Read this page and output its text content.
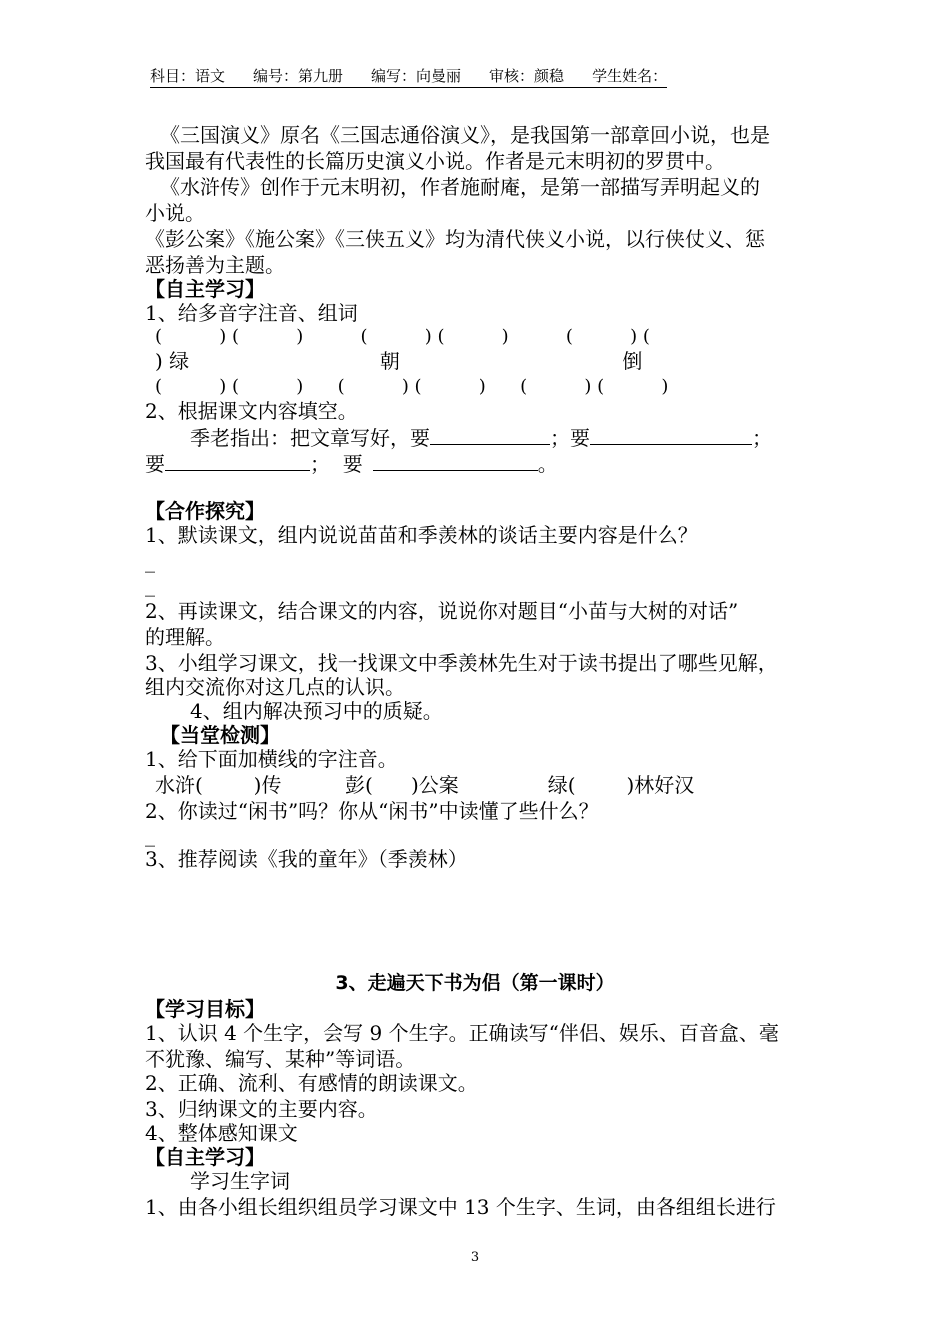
科目：语文 编号：第九册 编写：向曼丽 审核：颜稳 学生姓名：
《三国演义》原名《三国志通俗演义》，是我国第一部章回小说，也是
我国最有代表性的长篇历史演义小说。作者是元末明初的罗贯中。
《水浒传》创作于元末明初，作者施耐庵，是第一部描写弄明起义的
小说。
《彭公案》《施公案》《三侠五义》均为清代侠义小说，以行侠仗义、惩
恶扬善为主题。
【自主学习】
1、给多音字注音、组词
(          ) (          )          (          ) (          )          (          ) (
) 绿                              朝                                   倒
(          ) (          )      (          ) (          )      (          ) (          )
2、根据课文内容填空。
季老指出：把文章写好，要	；要	；
要	；  要	。
【合作探究】
1、默读课文，组内说说苗苗和季羡林的谈话主要内容是什么？
_
_
2、再读课文，结合课文的内容，说说你对题目“小苗与大树的对话”
的理解。
3、小组学习课文，找一找课文中季羡林先生对于读书提出了哪些见解，
组内交流你对这几点的认识。
4、组内解决预习中的质疑。
【当堂检测】
1、给下面加横线的字注音。
水浒(        )传          彭(      )公案              绿(        )林好汉
2、你读过“闲书”吗？你从“闲书”中读懂了些什么？
_
3、推荐阅读《我的童年》（季羡林）
3、走遍天下书为侣（第一课时）
【学习目标】
1、认识 4 个生字，会写 9 个生字。正确读写“伴侣、娱乐、百音盒、毫
不犹豫、编写、某种”等词语。
2、正确、流利、有感情的朗读课文。
3、归纳课文的主要内容。
4、整体感知课文
【自主学习】
学习生字词
1、由各小组长组织组员学习课文中 13 个生字、生词，由各组组长进行
3
